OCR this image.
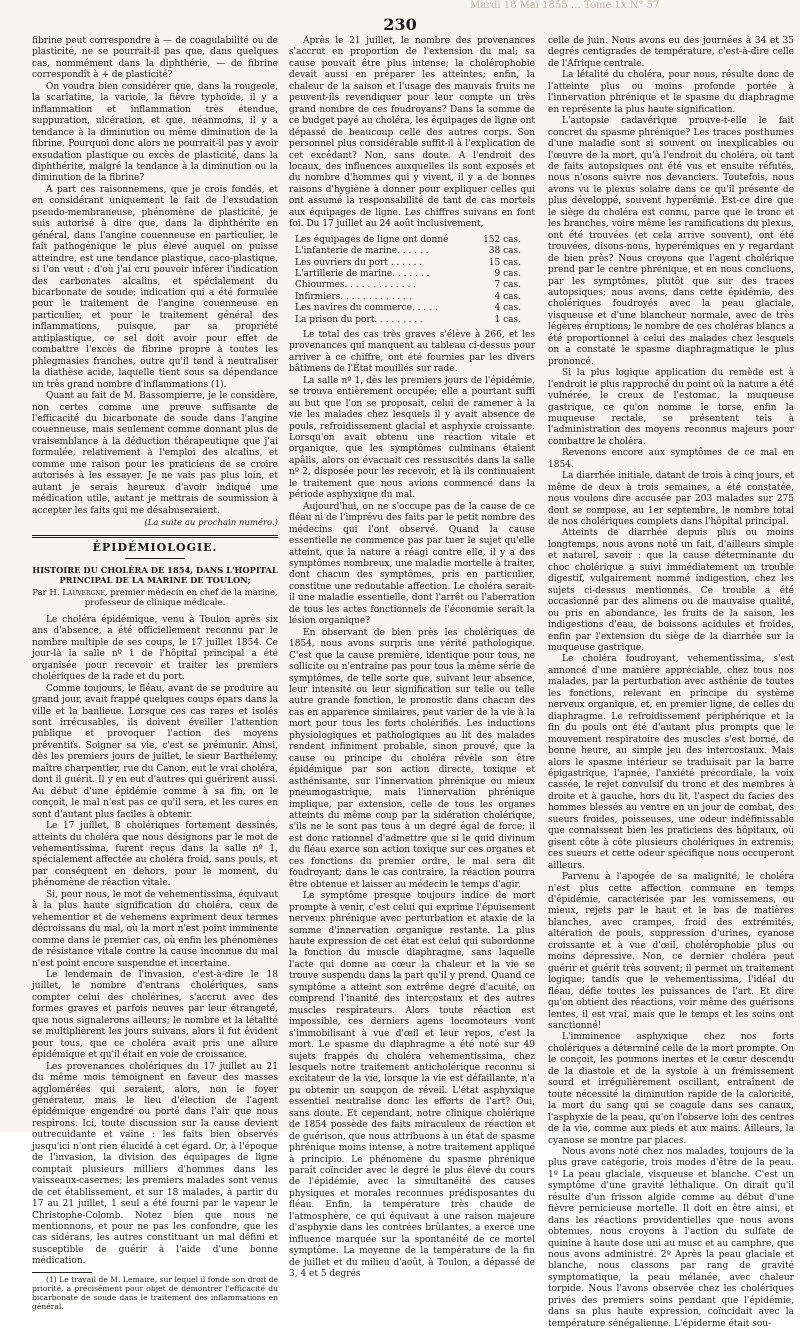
Mardi 18 Mai 1855 … Tome 1x N° 57
230

fibrine peut correspondre à — de coagulabilité ou de plasticité, ne se pourrait-il pas que, dans quelques cas, nommément dans la diphthérie, — de fibrine correspondît à + de plasticité?

On voudra bien considérer que, dans la rougeole, la scarlatine, la variole, la fièvre typhoïde, il y a inflammation et inflammation très étendue, suppuration, ulcération, et que, néanmoins, il y a tendance à la diminution ou même diminution de la fibrine. Pourquoi donc alors ne pourrait-il pas y avoir exsudation plastique ou excès de plasticité, dans la diphthérite, malgré la tendance à la diminution ou la diminution de la fibrine?

A part ces raisonnemens, que je crois fondés, et en considérant uniquement le fait de l'exsudation pseudo-membraneuse, phénomène de plasticité, je suis autorisé à dire que, dans la diphthérite en général, dans l'angine couenneuse en particulier, le fait pathogénique le plus élevé auquel on puisse atteindre, est une tendance plastique, caco-plastique, si l'on veut : d'où j'ai cru pouvoir inférer l'indication des carbonates alcalins, et spécialement du bicarbonate de soude; indication qui a été formulée pour le traitement de l'angine couenneuse en particulier, et pour le traitement général des inflammations, puisque, par sa propriété antiplastique, ce sel doit avoir pour effet de combattre l'excès de fibrine propre à toutes les phlegmasies franches, outre qu'il tend à neutraliser la diathèse acide, laquelle tient sous sa dépendance un très grand nombre d'inflammations (1).

Quant au fait de M. Bassompierre, je le considère, non certes comme une preuve suffisante de l'efficacité du bicarbonate de soude dans l'angine couenneuse, mais seulement comme donnant plus de vraisemblance à la déduction thérapeutique que j'ai formulée, relativement à l'emploi des alcalins, et comme une raison pour les praticiens de se croire autorisés à les essayer. Je ne vais pas plus loin, et autant je serais heureux d'avoir indiqué une médication utile, autant je mettrais de soumission à accepter les faits qui me désabuseraient.

(La suite au prochain numéro.)
ÉPIDÉMIOLOGIE.
HISTOIRE DU CHOLÉRA DE 1854, DANS L'HOPITAL PRINCIPAL DE LA MARINE DE TOULON;
Par H. Lauvergne, premier médecin en chef de la marine, professeur de clinique médicale.

Le choléra épidémique, venu à Toulon après six ans d'absence, a été officiellement reconnu par le nombre multiple de ses coups, le 17 juillet 1854. Ce jour-là la salle nº 1 de l'hôpital principal a été organisée pour recevoir et traiter les premiers cholériques de la rade et du port.

Comme toujours, le fléau, avant de se produire au grand jour, avait frappé quelques coups épars dans la ville et la banlieue. Lorsque ces cas rares et isolés sont irrécusables, ils doivent éveiller l'attention publique et provoquer l'action des moyens préventifs. Soigner sa vie, c'est se prémunir. Ainsi, dès les premiers jours de juillet, le sieur Barthélemy, maître charpentier, rue du Canon, eut le vrai choléra, dont il guérit. Il y en eut d'autres qui guérirent aussi. Au début d'une épidémie comme à sa fin, on le conçoit, le mal n'est pas ce qu'il sera, et les cures en sont d'autant plus faciles à obtenir.

Le 17 juillet, 8 cholériques fortement dessinés, atteints du choléra que nous désignons par le mot de vehementissima, furent reçus dans la salle nº 1, spécialement affectée au choléra froid, sans pouls, et par conséquent en dehors, pour le moment, du phénomène de réaction vitale.

Si, pour nous, le mot de vehementissima, équivaut à la plus haute signification du choléra, ceux de vehementior et de vehemens expriment deux termes décroissans du mal, où la mort n'est point imminente comme dans le premier cas, où enfin les phénomènes de résistance vitale contre la cause inconnue du mal n'est point encore suspendue et incertaine.

Le lendemain de l'invasion, c'est-à-dire le 18 juillet, le nombre d'entrans cholériques, sans compter celui des cholérines, s'accrut avec des formes graves et parfois neuves par leur étrangeté, que nous signalerons ailleurs; le nombre et la létalité se multiplièrent les jours suivans, alors il fut évident pour tous, que ce choléra avait pris une allure épidémique et qu'il était en voie de croissance.

Les provenances cholériques du 17 juillet au 21 du même mois témoignent en faveur des masses agglomérées qui seraient, alors, non le foyer générateur, mais le lieu d'élection de l'agent épidémique engendré ou porté dans l'air que nous respirons. Ici, toute discussion sur la cause devient outrecuidante et vaine : les faits bien observés jusqu'ici n'ont rien élucidé à cet égard. Or, à l'époque de l'invasion, la division des équipages de ligne comptait plusieurs milliers d'hommes dans les vaisseaux-casernes; les premiers malades sont venus de cet établissement, et sur 18 malades, à partir du 17 au 21 juillet, 1 seul a été fourni par le vapeur le Christophe-Colomb. Notez bien que nous ne mentionnons, et pour ne pas les confondre, que les cas sidérans, les autres constituant un mal défini et susceptible de guérir à l'aide d'une bonne médication.

(1) Le travail de M. Lemaire, sur lequel il fonde son droit de priorité, a précisément pour objet de démontrer l'efficacité du bicarbonate de soude dans le traitement des inflammations en général.

Après le 21 juillet, le nombre des provenances s'accrut en proportion de l'extension du mal; sa cause pouvait être plus intense; la cholérophobie devait aussi en préparer les atteintes; enfin, la chaleur de la saison et l'usage des mauvais fruits ne peuvent-ils revendiquer pour leur compte un très grand nombre de ces foudroyans? Dans la somme de ce budget payé au choléra, les équipages de ligne ont dépassé de beaucoup celle des autres corps. Son personnel plus considérable suffit-il à l'explication de cet excédant? Non, sans doute. A l'endroit des locaux, des influences auxquelles ils sont exposés et du nombre d'hommes qui y vivent, il y a de bonnes raisons d'hygiène à donner pour expliquer celles qui ont assumé la responsabilité de tant de cas mortels aux équipages de ligne. Les chiffres suivans en font foi. Du 17 juillet au 24 août inclusivement,

Les équipages de ligne ont donné	152 cas.
L'infanterie de marine. . . . . .	38 cas.
Les ouvriers du port . . . . . .	15 cas.
L'artillerie de marine. . . . . . .	9 cas.
Chiourmes. . . . . . . . . . . . .	7 cas.
Infirmiers. . . . . . . . . . . . .	4 cas.
Les navires du commerce. . . . .	4 cas.
La prison du port. . . . . . . . .	1 cas.

Le total des cas très graves s'élève à 266, et les provenances qui manquent au tableau ci-dessus pour arriver à ce chiffre, ont été fournies par les divers bâtimens de l'État mouillés sur rade.

La salle nº 1, dès les premiers jours de l'épidémie, se trouva entièrement occupée; elle a pourtant suffi au but que l'on se proposait, celui de ramener à la vie les malades chez lesquels il y avait absence de pouls, refroidissement glacial et asphyxie croissante. Lorsqu'on avait obtenu une réaction vitale et organique, que les symptômes culminans étaient apâlis, alors on évacuait ces ressuscités dans la salle nº 2, disposée pour les recevoir, et là ils continuaient le traitement que nous avions commencé dans la période asphyxique du mal.

Aujourd'hui, on ne s'occupe pas de la cause de ce fléau ni de l'imprévu des faits par le petit nombre des médecins qui l'ont observé. Quand la cause essentielle ne commence pas par tuer le sujet qu'elle atteint, que la nature a réagi contre elle, il y a des symptômes nombreux, une maladie mortelle à traiter, dont chacun des symptômes, pris en particulier, constitue une redoutable affection. Le choléra serait-il une maladie essentielle, dont l'arrêt ou l'aberration de tous les actes fonctionnels de l'économie serait la lésion organique?

En observant de bien près les cholériques de 1854, nous avons surpris une vérité pathologique. C'est que la cause première, identique pour tous, ne sollicite ou n'entraîne pas pour tous la même série de symptômes, de telle sorte que, suivant leur absence, leur intensité ou leur signification sur telle ou telle autre grande fonction, le pronostic dans chacun des cas en apparence similaires, peut varier de la vie à la mort pour tous les forts cholérifiés. Les inductions physiologiques et pathologiques au lit des malades rendent infiniment probable, sinon prouvé, que la cause ou principe du choléra révèle son être épidémique par son action directe, toxique et asthénisante, sur l'innervation phrénique ou mieux pneumogastrique, mais l'innervation phrénique implique, par extension, celle de tous les organes atteints du même coup par la sidération cholérique, s'ils ne le sont pas tous à un degré égal de force; il est donc rationnel d'admettre que si le quid divinum du fléau exerce son action toxique sur ces organes et ces fonctions du premier ordre, le mal sera dit foudroyant; dans le cas contraire, la réaction pourra être obtenue et laisser au médecin le temps d'agir.

Le symptôme presque toujours indice de mort prompte à venir, c'est celui qui exprime l'épuisement nerveux phrénique avec perturbation et ataxie de la somme d'innervation organique restante. La plus haute expression de cet état est celui qui subordonne la fonction du muscle diaphragme, sans laquelle l'acte qui donne au cœur la chaleur et la vie se trouve suspendu dans la part qu'il y prend. Quand ce symptôme a atteint son extrême degré d'acuité, on comprend l'inanité des intercostaux et des autres muscles respirateurs. Alors toute réaction est impossible, ces derniers agens locomoteurs vont s'immobilisant à vue d'œil et leur repos, c'est la mort. Le spasme du diaphragme a été noté sur 49 sujets frappés du choléra vehementissima, chez lesquels notre traitement anticholérique reconnu si excitateur de la vie, lorsque la vie est défaillante, n'a pu obtenir un soupçon de réveil. L'état asphyxique essentiel neutralise donc les efforts de l'art? Oui, sans doute. Et cependant, notre clinique cholérique de 1854 possède des faits miraculeux de réaction et de guérison, que nous attribuons à un état de spasme phrénique moins intense, à notre traitement appliqué à principio. Le phénomène du spasme phrénique paraît coïncider avec le degré le plus élevé du cours de l'épidémie, avec la simultanéité des causes physiques et morales reconnues prédisposantes du fléau. Enfin, la température très chaude de l'atmosphère, ce qui équivaut à une raison majeure d'asphyxie dans les contrées brûlantes, a exercé une influence marquée sur la spontanéité de ce mortel symptôme. La moyenne de la température de la fin de juillet et du milieu d'août, à Toulon, a dépassé de 3, 4 et 5 degrés

celle de juin. Nous avons eu des journées à 34 et 35 degrés centigrades de température, c'est-à-dire celle de l'Afrique centrale.

La létalité du choléra, pour nous, résulte donc de l'atteinte plus ou moins profonde portée à l'innervation phrénique et le spasme du diaphragme en représente la plus haute signification.

L'autopsie cadavérique prouve-t-elle le fait concret du spasme phrénique? Les traces posthumes d'une maladie sont si souvent ou inexplicables ou l'œuvre de la mort, qu'à l'endroit du choléra, où tant de faits autopsiques ont été vus et ensuite réfutés, nous n'osons suivre nos devanciers. Toutefois, nous avons vu le plexus solaire dans ce qu'il présente de plus développé, souvent hyperémié. Est-ce dire que le siège du choléra est connu, parce que le tronc et les branches, voire même les ramifications du plexus, ont été trouvées (et cela arrive souvent), ont été trouvées, disons-nous, hyperémiques en y regardant de bien près? Nous croyons que l'agent cholérique prend par le centre phrénique, et en nous concluons, par les symptômes, plutôt que sur des traces autopsiques; nous avons, dans cette épidémie, des cholériques foudroyés avec la peau glaciale, visqueuse et d'une blancheur normale, avec de très légères éruptions; le nombre de ces choléras blancs a été proportionnel à celui des malades chez lesquels on a constaté le spasme diaphragmatique le plus prononcé.

Si la plus logique application du remède est à l'endroit le plus rapproché du point où la nature a été vulnérée, le creux de l'estomac, la muqueuse gastrique, ce qu'on nomme le torse, enfin la muqueuse rectale, se présentent tels à l'administration des moyens reconnus majeurs pour combattre le choléra.

Revenons encore aux symptômes de ce mal en 1854.

La diarrhée initiale, datant de trois à cinq jours, et même de deux à trois semaines, a été constatée, nous voulons dire accusée par 203 malades sur 275 dont se compose, au 1er septembre, le nombre total de nos cholériques complets dans l'hôpital principal.

Atteints de diarrhée depuis plus ou moins longtemps, nous avons noté un fait, d'ailleurs simple et naturel, savoir : que la cause déterminante du choc cholérique a suivi immédiatement un trouble digestif, vulgairement nommé indigestion, chez les sujets ci-dessus mentionnés. Ce trouble a été occasionné par des alimens ou de mauvaise qualité, ou pris en abondance, les fruits de la saison, les indigestions d'eau, de boissons acidules et froides, enfin par l'extension du siège de la diarrhée sur la muqueuse gastrique.

Le choléra foudroyant, vehementissima, s'est annoncé d'une manière appréciable, chez tous nos malades, par la perturbation avec asthénie de toutes les fonctions, relevant en principe du système nerveux organique, et, en premier ligne, de celles du diaphragme. Le refroidissement périphérique et la fin du pouls ont été d'autant plus prompts que le mouvement respiratoire des muscles s'est borné, de bonne heure, au simple jeu des intercostaux. Mais alors le spasme intérieur se traduisait par la barre épigastrique, l'apnée, l'anxiété précordiale, la voix cassée, le rejet convulsif du tronc et des membres à droite et à gauche, hors du lit, l'aspect du facies des hommes blessés au ventre en un jour de combat, des sueurs froides, poisseuses, une odeur indéfinissable que connaissent bien les praticiens des hôpitaux, où gisent côte à côte plusieurs cholériques in extremis; ces sueurs et cette odeur spécifique nous occuperont ailleurs.

Parvenu à l'apogée de sa malignité, le choléra n'est plus cette affection commune en temps d'épidémie, caractérisée par les vomissemens, ou mieux, rejets par le haut et le bas de matières blanches, avec crampes, froid des extrémités, altération de pouls, suppression d'urines, cyanose croissante et à vue d'œil, cholérophobie plus ou moins dépressive. Non, ce dernier choléra peut guérir et guérit très souvent; il permet un traitement logique; tandis que le vehementissima, l'idéal du fléau, défie toutes les puissances de l'art. Et dire qu'on obtient des réactions, voir même des guérisons lentes, il est vrai, mais que le temps et les soins ont sanctionné!

L'imminence asphyxique chez nos forts cholériques a déterminé celle de la mort prompte. On le conçoit, les poumons inertes et le cœur descendu de la diastole et de la systole à un frémissement sourd et irrégulièrement oscillant, entraînent de toute nécessité la diminution rapide de la caloricité, la mort du sang qui se coagule dans ses canaux, l'asphyxie de la peau, qu'on l'observe loin des centres de la vie, comme aux pieds et aux mains. Ailleurs, la cyanose se montre par places.

Nous avons noté chez nos malades, toujours de la plus grave catégorie, trois modes d'être de la peau. 1º La peau glaciale, visqueuse et blanche. C'est un symptôme d'une gravité léthalique. On dirait qu'il résulte d'un frisson algide comme au début d'une fièvre pernicieuse mortelle. Il doit en être ainsi, et dans les réactions providentielles que nous avons obtenues, nous croyons à l'action du sulfate de quinine à haute dose uni au musc et au camphre, que nous avons administré. 2º Après la peau glaciale et blanche, nous classons par rang de gravité symptomatique, la peau mélanée, avec chaleur torpide. Nous l'avons observée chez les cholériques privés des premiers soins pendant que l'épidémie, dans sa plus haute expression, coïncidait avec la température sénégalienne. L'épiderme était sou-
